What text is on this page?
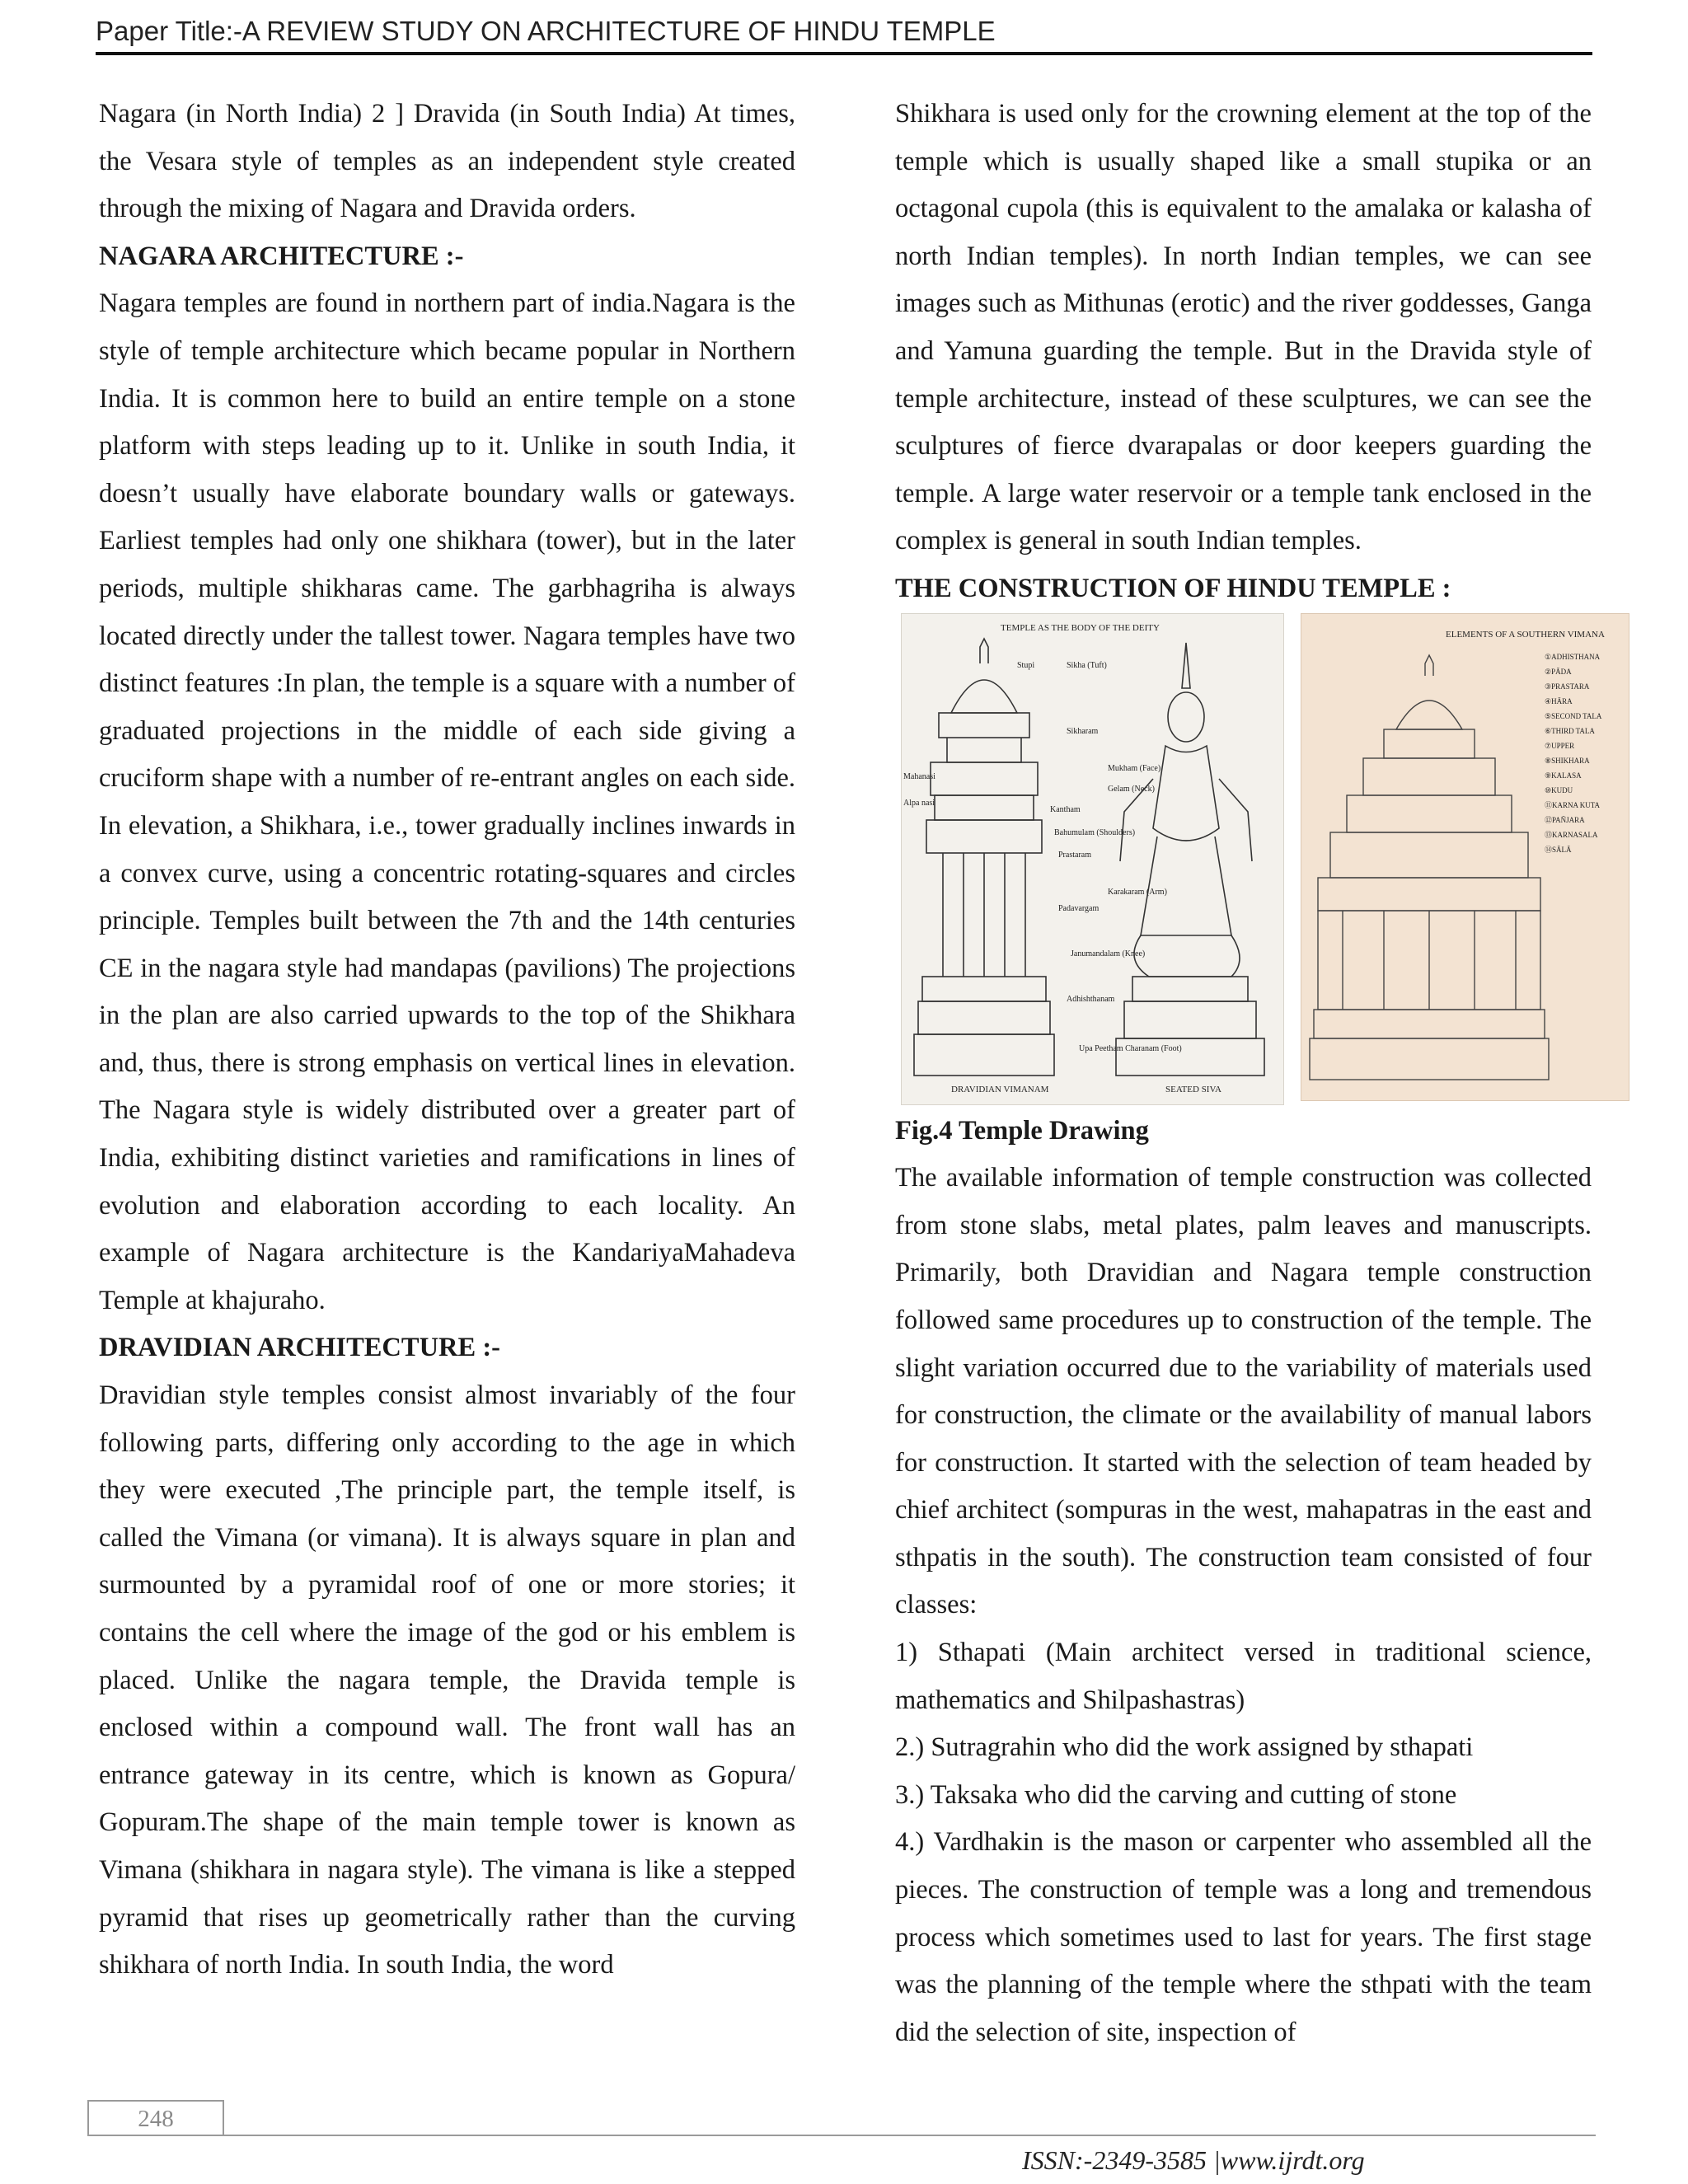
Paper Title:-A REVIEW STUDY ON ARCHITECTURE OF HINDU TEMPLE

Nagara (in North India) 2 ] Dravida (in South India) At times, the Vesara style of temples as an independent style created through the mixing of Nagara and Dravida orders.

NAGARA ARCHITECTURE :-

Nagara temples are found in northern part of india.Nagara is the style of temple architecture which became popular in Northern India. It is common here to build an entire temple on a stone platform with steps leading up to it. Unlike in south India, it doesn’t usually have elaborate boundary walls or gateways. Earliest temples had only one shikhara (tower), but in the later periods, multiple shikharas came. The garbhagriha is always located directly under the tallest tower. Nagara temples have two distinct features :In plan, the temple is a square with a number of graduated projections in the middle of each side giving a cruciform shape with a number of re-entrant angles on each side. In elevation, a Shikhara, i.e., tower gradually inclines inwards in a convex curve, using a concentric rotating-squares and circles principle. Temples built between the 7th and the 14th centuries CE in the nagara style had mandapas (pavilions) The projections in the plan are also carried upwards to the top of the Shikhara and, thus, there is strong emphasis on vertical lines in elevation. The Nagara style is widely distributed over a greater part of India, exhibiting distinct varieties and ramifications in lines of evolution and elaboration according to each locality. An example of Nagara architecture is the KandariyaMahadeva Temple at khajuraho.

DRAVIDIAN ARCHITECTURE :-

Dravidian style temples consist almost invariably of the four following parts, differing only according to the age in which they were executed ,The principle part, the temple itself, is called the Vimana (or vimana). It is always square in plan and surmounted by a pyramidal roof of one or more stories; it contains the cell where the image of the god or his emblem is placed. Unlike the nagara temple, the Dravida temple is enclosed within a compound wall. The front wall has an entrance gateway in its centre, which is known as Gopura/ Gopuram.The shape of the main temple tower is known as Vimana (shikhara in nagara style). The vimana is like a stepped pyramid that rises up geometrically rather than the curving shikhara of north India. In south India, the word

Shikhara is used only for the crowning element at the top of the temple which is usually shaped like a small stupika or an octagonal cupola (this is equivalent to the amalaka or kalasha of north Indian temples). In north Indian temples, we can see images such as Mithunas (erotic) and the river goddesses, Ganga and Yamuna guarding the temple. But in the Dravida style of temple architecture, instead of these sculptures, we can see the sculptures of fierce dvarapalas or door keepers guarding the temple. A large water reservoir or a temple tank enclosed in the complex is general in south Indian temples.

THE CONSTRUCTION OF HINDU TEMPLE :
TEMPLE AS THE BODY OF THE DEITY
Stupi	Sikha (Tuft)
Sikharam
Mahanasi
Alpa nasi
Mukham (Face)
Gelam (Neck)
Kantham
Bahumulam (Shoulders)
Prastaram
Karakaram (Arm)
Padavargam
Janumandalam (Knee)
Adhishthanam
Upa Peetham Charanam (Foot)
DRAVIDIAN VIMANAM	SEATED SIVA
ELEMENTS OF A SOUTHERN VIMANA
①ADHISTHANA
②PĀDA
③PRASTARA
④HĀRA
⑤SECOND TALA
⑥THIRD TALA
⑦UPPER
⑧SHIKHARA
⑨KALASA
⑩KUDU
⑪KARNA KUTA
⑫PAÑJARA
⑬KARNASALA
⑭SĀLĀ

Fig.4 Temple Drawing

The available information of temple construction was collected from stone slabs, metal plates, palm leaves and manuscripts. Primarily, both Dravidian and Nagara temple construction followed same procedures up to construction of the temple. The slight variation occurred due to the variability of materials used for construction, the climate or the availability of manual labors for construction. It started with the selection of team headed by chief architect (sompuras in the west, mahapatras in the east and sthpatis in the south). The construction team consisted of four classes:

1) Sthapati (Main architect versed in traditional science, mathematics and Shilpashastras)

2.) Sutragrahin who did the work assigned by sthapati

3.) Taksaka who did the carving and cutting of stone

4.) Vardhakin is the mason or carpenter who assembled all the pieces. The construction of temple was a long and tremendous process which sometimes used to last for years. The first stage was the planning of the temple where the sthpati with the team did the selection of site, inspection of

248
ISSN:-2349-3585 |www.ijrdt.org
